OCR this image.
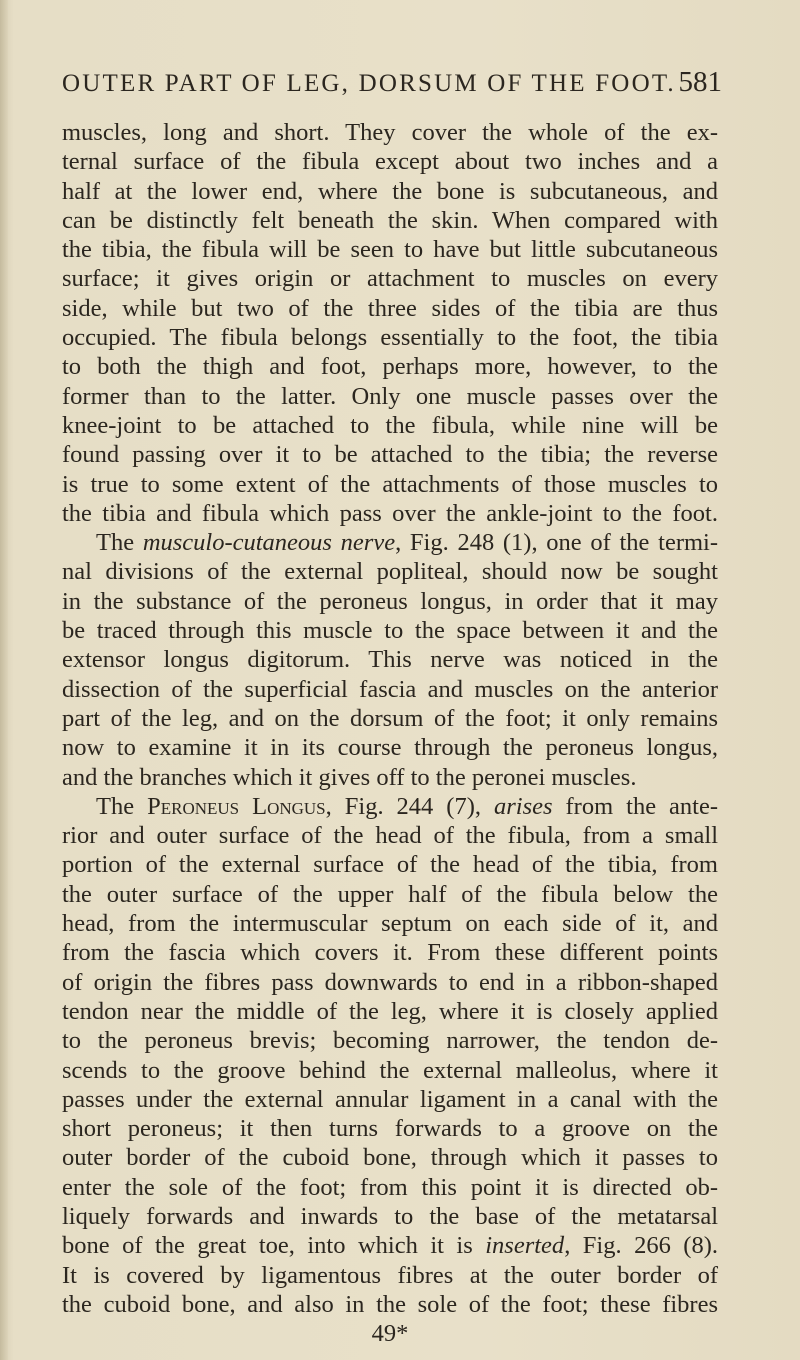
OUTER PART OF LEG, DORSUM OF THE FOOT. 581
muscles, long and short. They cover the whole of the ex-
ternal surface of the fibula except about two inches and a
half at the lower end, where the bone is subcutaneous, and
can be distinctly felt beneath the skin. When compared with
the tibia, the fibula will be seen to have but little subcutaneous
surface; it gives origin or attachment to muscles on every
side, while but two of the three sides of the tibia are thus
occupied. The fibula belongs essentially to the foot, the tibia
to both the thigh and foot, perhaps more, however, to the
former than to the latter. Only one muscle passes over the
knee-joint to be attached to the fibula, while nine will be
found passing over it to be attached to the tibia; the reverse
is true to some extent of the attachments of those muscles to
the tibia and fibula which pass over the ankle-joint to the foot.
The musculo-cutaneous nerve, Fig. 248 (1), one of the termi-
nal divisions of the external popliteal, should now be sought
in the substance of the peroneus longus, in order that it may
be traced through this muscle to the space between it and the
extensor longus digitorum. This nerve was noticed in the
dissection of the superficial fascia and muscles on the anterior
part of the leg, and on the dorsum of the foot; it only remains
now to examine it in its course through the peroneus longus,
and the branches which it gives off to the peronei muscles.
The Peroneus Longus, Fig. 244 (7), arises from the ante-
rior and outer surface of the head of the fibula, from a small
portion of the external surface of the head of the tibia, from
the outer surface of the upper half of the fibula below the
head, from the intermuscular septum on each side of it, and
from the fascia which covers it. From these different points
of origin the fibres pass downwards to end in a ribbon-shaped
tendon near the middle of the leg, where it is closely applied
to the peroneus brevis; becoming narrower, the tendon de-
scends to the groove behind the external malleolus, where it
passes under the external annular ligament in a canal with the
short peroneus; it then turns forwards to a groove on the
outer border of the cuboid bone, through which it passes to
enter the sole of the foot; from this point it is directed ob-
liquely forwards and inwards to the base of the metatarsal
bone of the great toe, into which it is inserted, Fig. 266 (8).
It is covered by ligamentous fibres at the outer border of
the cuboid bone, and also in the sole of the foot; these fibres
49*
